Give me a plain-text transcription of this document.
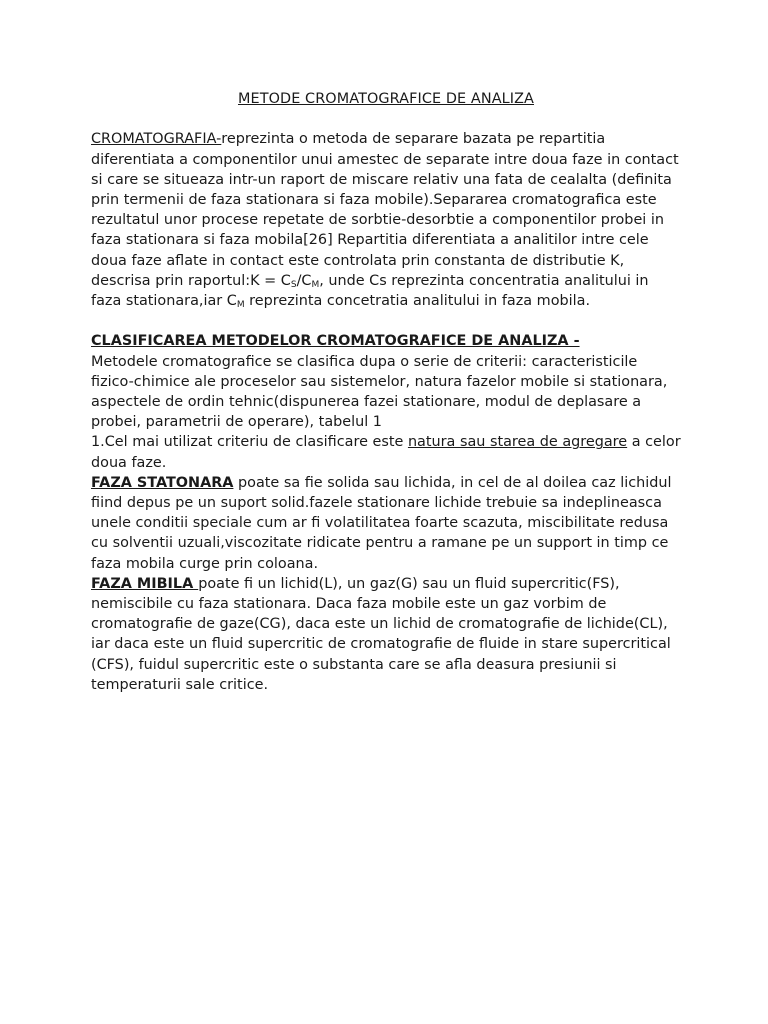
METODE CROMATOGRAFICE DE ANALIZA

CROMATOGRAFIA-reprezinta o metoda de separare bazata pe repartitia diferentiata a componentilor unui amestec de separate intre doua faze in contact si care se situeaza intr-un raport de miscare relativ una fata de cealalta (definita prin termenii de faza stationara si faza mobile).Separarea cromatografica este rezultatul unor procese repetate de sorbtie-desorbtie a componentilor probei in faza stationara si faza mobila[26] Repartitia diferentiata a analitilor intre cele doua faze aflate in contact este controlata prin constanta de distributie K, descrisa prin raportul:K = $C_S/C_M$, unde Cs reprezinta concentratia analitului in faza stationara,iar $C_M$ reprezinta concetratia analitului in faza mobila.

CLASIFICAREA METODELOR CROMATOGRAFICE DE ANALIZA -

Metodele cromatografice se clasifica dupa o serie de criterii: caracteristicile fizico-chimice ale proceselor sau sistemelor, natura fazelor mobile si stationara, aspectele de ordin tehnic(dispunerea fazei stationare, modul de deplasare a probei, parametrii de operare), tabelul 1

1.Cel mai utilizat criteriu de clasificare este natura sau starea de agregare a celor doua faze.

FAZA STATONARA poate sa fie solida sau lichida, in cel de al doilea caz lichidul fiind depus pe un suport solid.fazele stationare lichide trebuie sa indeplineasca unele conditii speciale cum ar fi volatilitatea foarte scazuta, miscibilitate redusa cu solventii uzuali,viscozitate ridicate pentru a ramane pe un support in timp ce faza mobila curge prin coloana.

FAZA MIBILA poate fi un lichid(L), un gaz(G) sau un fluid supercritic(FS), nemiscibile cu faza stationara. Daca faza mobile este un gaz vorbim de cromatografie de gaze(CG), daca este un lichid de cromatografie de lichide(CL), iar daca este un fluid supercritic de cromatografie de fluide in stare supercritical (CFS), fuidul supercritic este o substanta care se afla deasura presiunii si temperaturii sale critice.
